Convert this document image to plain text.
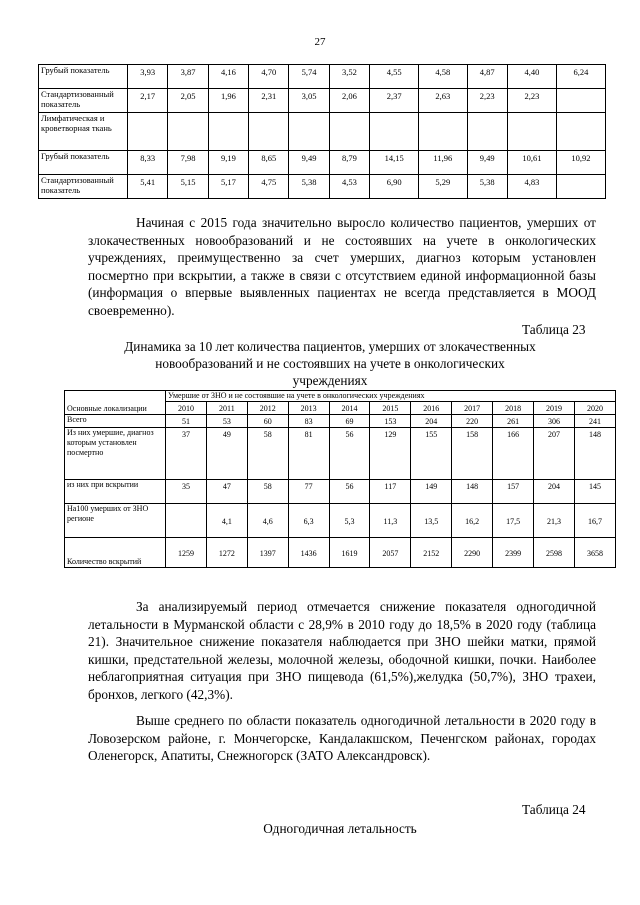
27
Грубый показатель	3,93	3,87	4,16	4,70	5,74	3,52	4,55	4,58	4,87	4,40	6,24
Стандартизованный показатель	2,17	2,05	1,96	2,31	3,05	2,06	2,37	2,63	2,23	2,23	
Лимфатическая и кроветворная ткань											
Грубый показатель	8,33	7,98	9,19	8,65	9,49	8,79	14,15	11,96	9,49	10,61	10,92
Стандартизованный показатель	5,41	5,15	5,17	4,75	5,38	4,53	6,90	5,29	5,38	4,83	
Начиная с 2015 года значительно выросло количество пациентов, умерших от злокачественных новообразований и не состоявших на учете в онкологических учреждениях, преимущественно за счет умерших, диагноз которым установлен посмертно при вскрытии, а также в связи с отсутствием единой информационной базы (информация о впервые выявленных пациентах не всегда представляется в МООД своевременно).
Таблица 23
Динамика за 10 лет количества пациентов, умерших от злокачественных новообразований и не состоявших на учете в онкологических учреждениях
Основные локализации	Умершие от ЗНО и не состоявшие на учете в онкологических учреждениях										
	2010	2011	2012	2013	2014	2015	2016	2017	2018	2019	2020
Всего	51	53	60	83	69	153	204	220	261	306	241
Из них умершие, диагноз которым установлен посмертно	37	49	58	81	56	129	155	158	166	207	148
из них при вскрытии	35	47	58	77	56	117	149	148	157	204	145
На100 умерших от ЗНО регионе		4,1	4,6	6,3	5,3	11,3	13,5	16,2	17,5	21,3	16,7
Количество вскрытий	1259	1272	1397	1436	1619	2057	2152	2290	2399	2598	3658
За анализируемый период отмечается снижение показателя одногодичной летальности в Мурманской области с 28,9% в 2010 году до 18,5% в 2020 году (таблица 21). Значительное снижение показателя наблюдается при ЗНО шейки матки, прямой кишки, предстательной железы, молочной железы, ободочной кишки, почки. Наиболее неблагоприятная ситуация при ЗНО пищевода (61,5%),желудка (50,7%), ЗНО трахеи, бронхов, легкого (42,3%).
Выше среднего по области показатель одногодичной летальности в 2020 году в Ловозерском районе, г. Мончегорске, Кандалакшском, Печенгском районах, городах Оленегорск, Апатиты, Снежногорск (ЗАТО Александровск).
Таблица 24
Одногодичная летальность
